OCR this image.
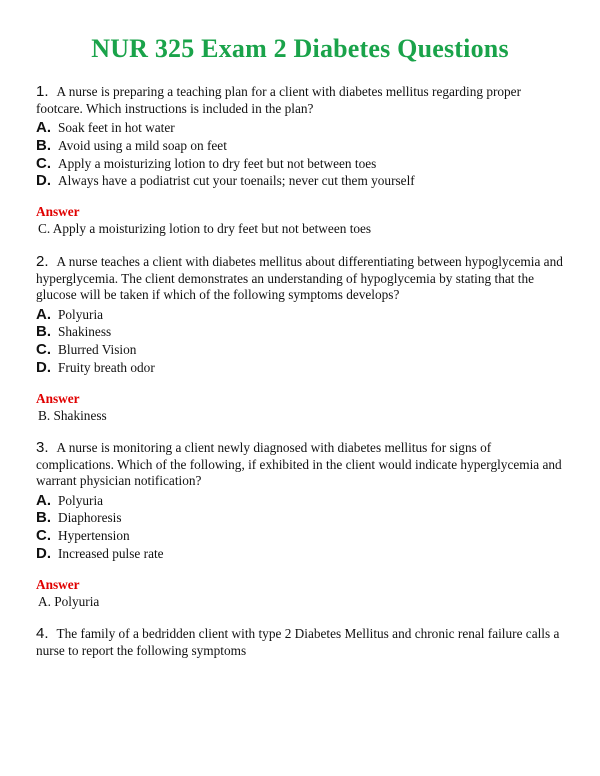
NUR 325 Exam 2 Diabetes Questions
1. A nurse is preparing a teaching plan for a client with diabetes mellitus regarding proper footcare. Which instructions is included in the plan?
A. Soak feet in hot water
B. Avoid using a mild soap on feet
C. Apply a moisturizing lotion to dry feet but not between toes
D. Always have a podiatrist cut your toenails; never cut them yourself
Answer
C. Apply a moisturizing lotion to dry feet but not between toes
2. A nurse teaches a client with diabetes mellitus about differentiating between hypoglycemia and hyperglycemia. The client demonstrates an understanding of hypoglycemia by stating that the glucose will be taken if which of the following symptoms develops?
A. Polyuria
B. Shakiness
C. Blurred Vision
D. Fruity breath odor
Answer
B. Shakiness
3. A nurse is monitoring a client newly diagnosed with diabetes mellitus for signs of complications. Which of the following, if exhibited in the client would indicate hyperglycemia and warrant physician notification?
A. Polyuria
B. Diaphoresis
C. Hypertension
D. Increased pulse rate
Answer
A. Polyuria
4. The family of a bedridden client with type 2 Diabetes Mellitus and chronic renal failure calls a nurse to report the following symptoms
